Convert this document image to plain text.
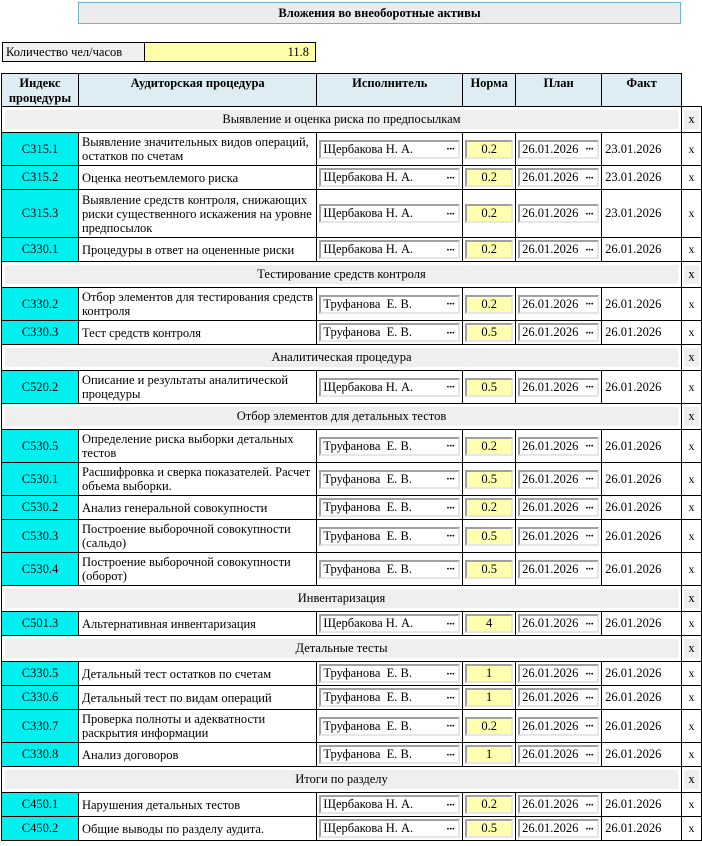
Вложения во внеоборотные активы
Количество чел/часов	11.8
Индекс процедуры	Аудиторская процедура	Исполнитель	Норма	План	Факт	

Выявление и оценка риска по предпосылкам						x

С315.1	Выявление значительных видов операций, остатков по счетам	Щербакова Н. А. ···	0.2	26.01.2026 ···	23.01.2026	x
С315.2	Оценка неотъемлемого риска	Щербакова Н. А. ···	0.2	26.01.2026 ···	23.01.2026	x
С315.3	Выявление средств контроля, снижающих риски существенного искажения на уровне предпосылок	Щербакова Н. А. ···	0.2	26.01.2026 ···	23.01.2026	x
С330.1	Процедуры в ответ на оцененные риски	Щербакова Н. А. ···	0.2	26.01.2026 ···	26.01.2026	x

Тестирование средств контроля						x

С330.2	Отбор элементов для тестирования средств контроля	Труфанова  Е. В. ···	0.2	26.01.2026 ···	26.01.2026	x
С330.3	Тест средств контроля	Труфанова  Е. В. ···	0.5	26.01.2026 ···	26.01.2026	x

Аналитическая процедура						x

С520.2	Описание и результаты аналитической процедуры	Щербакова Н. А. ···	0.5	26.01.2026 ···	26.01.2026	x

Отбор элементов для детальных тестов						x

С530.5	Определение риска выборки детальных тестов	Труфанова  Е. В. ···	0.2	26.01.2026 ···	26.01.2026	x
С530.1	Расшифровка и сверка показателей. Расчет объема выборки.	Труфанова  Е. В. ···	0.5	26.01.2026 ···	26.01.2026	x
С530.2	Анализ генеральной совокупности	Труфанова  Е. В. ···	0.2	26.01.2026 ···	26.01.2026	x
С530.3	Построение выборочной совокупности (сальдо)	Труфанова  Е. В. ···	0.5	26.01.2026 ···	26.01.2026	x
С530.4	Построение выборочной совокупности (оборот)	Труфанова  Е. В. ···	0.5	26.01.2026 ···	26.01.2026	x

Инвентаризация						x

С501.3	Альтернативная инвентаризация	Щербакова Н. А. ···	4	26.01.2026 ···	26.01.2026	x

Детальные тесты						x

С330.5	Детальный тест остатков по счетам	Труфанова  Е. В. ···	1	26.01.2026 ···	26.01.2026	x
С330.6	Детальный тест по видам операций	Труфанова  Е. В. ···	1	26.01.2026 ···	26.01.2026	x
С330.7	Проверка полноты и адекватности раскрытия информации	Труфанова  Е. В. ···	0.2	26.01.2026 ···	26.01.2026	x
С330.8	Анализ договоров	Труфанова  Е. В. ···	1	26.01.2026 ···	26.01.2026	x

Итоги по разделу						x

С450.1	Нарушения детальных тестов	Щербакова Н. А. ···	0.2	26.01.2026 ···	26.01.2026	x
С450.2	Общие выводы по разделу аудита.	Щербакова Н. А. ···	0.5	26.01.2026 ···	26.01.2026	x
